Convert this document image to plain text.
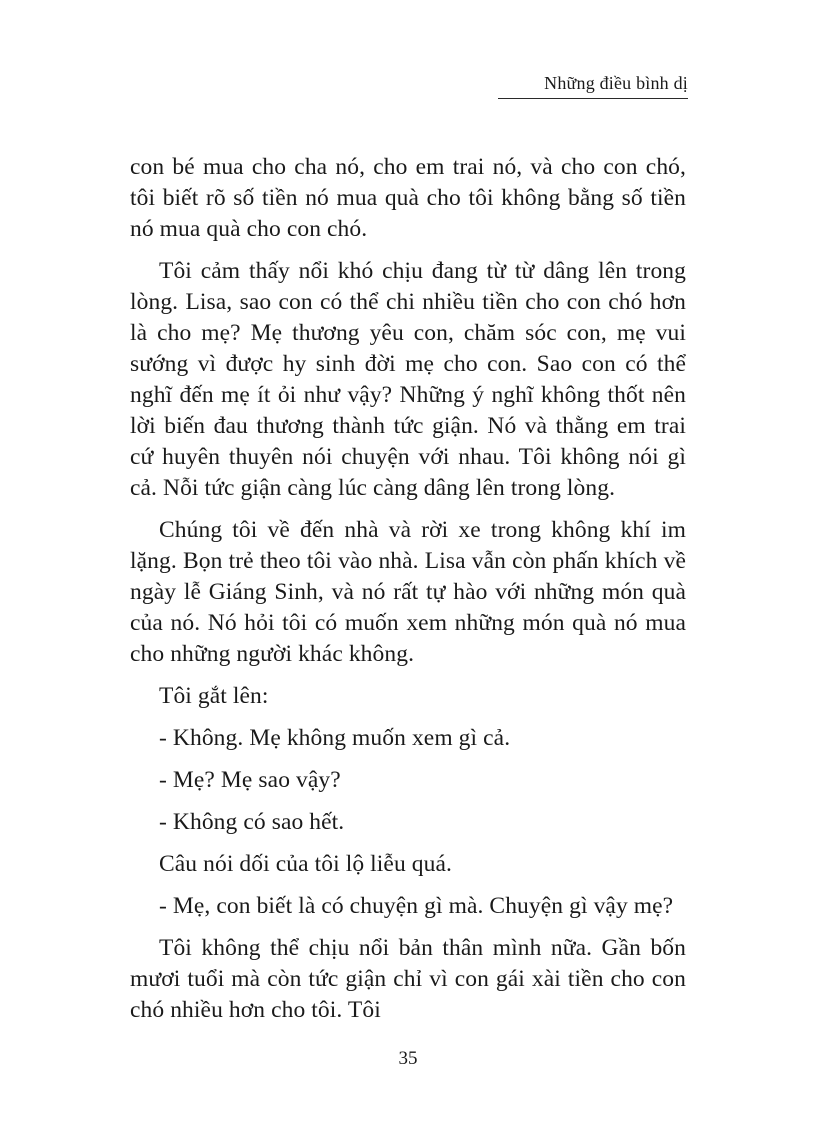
Những điều bình dị

con bé mua cho cha nó, cho em trai nó, và cho con chó, tôi biết rõ số tiền nó mua quà cho tôi không bằng số tiền nó mua quà cho con chó.

Tôi cảm thấy nổi khó chịu đang từ từ dâng lên trong lòng. Lisa, sao con có thể chi nhiều tiền cho con chó hơn là cho mẹ? Mẹ thương yêu con, chăm sóc con, mẹ vui sướng vì được hy sinh đời mẹ cho con. Sao con có thể nghĩ đến mẹ ít ỏi như vậy? Những ý nghĩ không thốt nên lời biến đau thương thành tức giận. Nó và thằng em trai cứ huyên thuyên nói chuyện với nhau. Tôi không nói gì cả. Nỗi tức giận càng lúc càng dâng lên trong lòng.

Chúng tôi về đến nhà và rời xe trong không khí im lặng. Bọn trẻ theo tôi vào nhà. Lisa vẫn còn phấn khích về ngày lễ Giáng Sinh, và nó rất tự hào với những món quà của nó. Nó hỏi tôi có muốn xem những món quà nó mua cho những người khác không.

Tôi gắt lên:

- Không. Mẹ không muốn xem gì cả.

- Mẹ? Mẹ sao vậy?

- Không có sao hết.

Câu nói dối của tôi lộ liễu quá.

- Mẹ, con biết là có chuyện gì mà. Chuyện gì vậy mẹ?

Tôi không thể chịu nổi bản thân mình nữa. Gần bốn mươi tuổi mà còn tức giận chỉ vì con gái xài tiền cho con chó nhiều hơn cho tôi. Tôi

35
